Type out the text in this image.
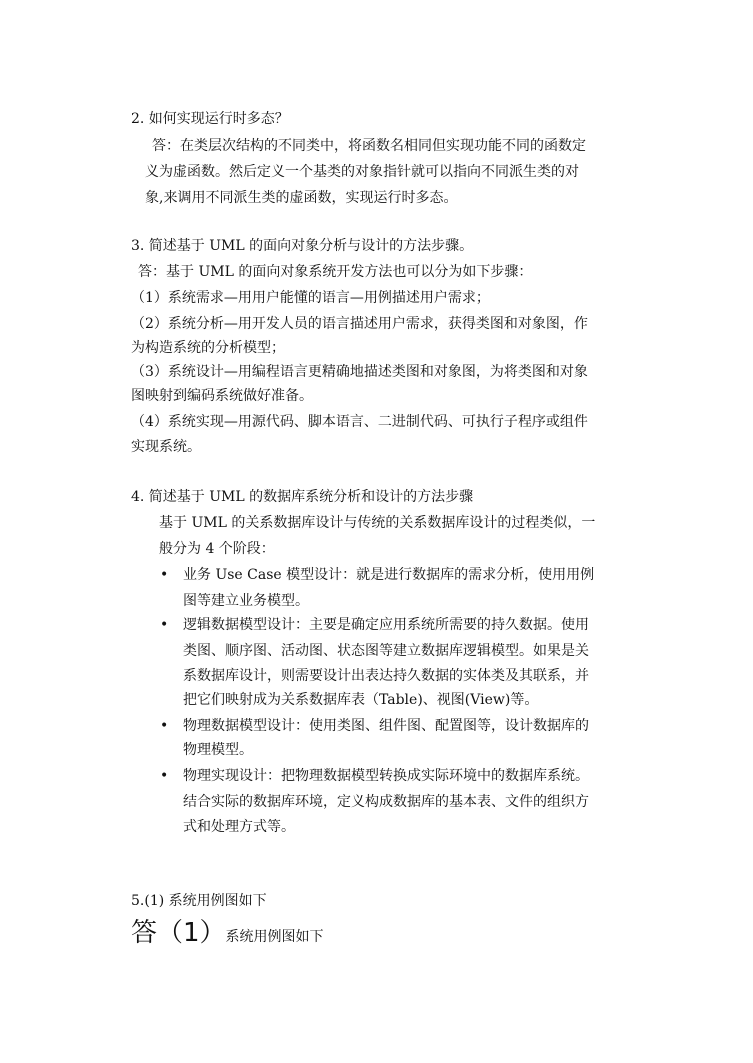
2. 如何实现运行时多态？
答：在类层次结构的不同类中，将函数名相同但实现功能不同的函数定
义为虚函数。然后定义一个基类的对象指针就可以指向不同派生类的对
象,来调用不同派生类的虚函数，实现运行时多态。
3. 简述基于 UML 的面向对象分析与设计的方法步骤。
答：基于 UML 的面向对象系统开发方法也可以分为如下步骤：
（1）系统需求—用用户能懂的语言—用例描述用户需求；
（2）系统分析—用开发人员的语言描述用户需求，获得类图和对象图，作
为构造系统的分析模型；
（3）系统设计—用编程语言更精确地描述类图和对象图，为将类图和对象
图映射到编码系统做好准备。
（4）系统实现—用源代码、脚本语言、二进制代码、可执行子程序或组件
实现系统。
4. 简述基于 UML 的数据库系统分析和设计的方法步骤
基于 UML 的关系数据库设计与传统的关系数据库设计的过程类似，一
般分为 4 个阶段：
• 业务 Use Case 模型设计：就是进行数据库的需求分析，使用用例
图等建立业务模型。
• 逻辑数据模型设计：主要是确定应用系统所需要的持久数据。使用
类图、顺序图、活动图、状态图等建立数据库逻辑模型。如果是关
系数据库设计，则需要设计出表达持久数据的实体类及其联系，并
把它们映射成为关系数据库表（Table)、视图(View)等。
• 物理数据模型设计：使用类图、组件图、配置图等，设计数据库的
物理模型。
• 物理实现设计：把物理数据模型转换成实际环境中的数据库系统。
结合实际的数据库环境，定义构成数据库的基本表、文件的组织方
式和处理方式等。
5.(1) 系统用例图如下
答（1）系统用例图如下
